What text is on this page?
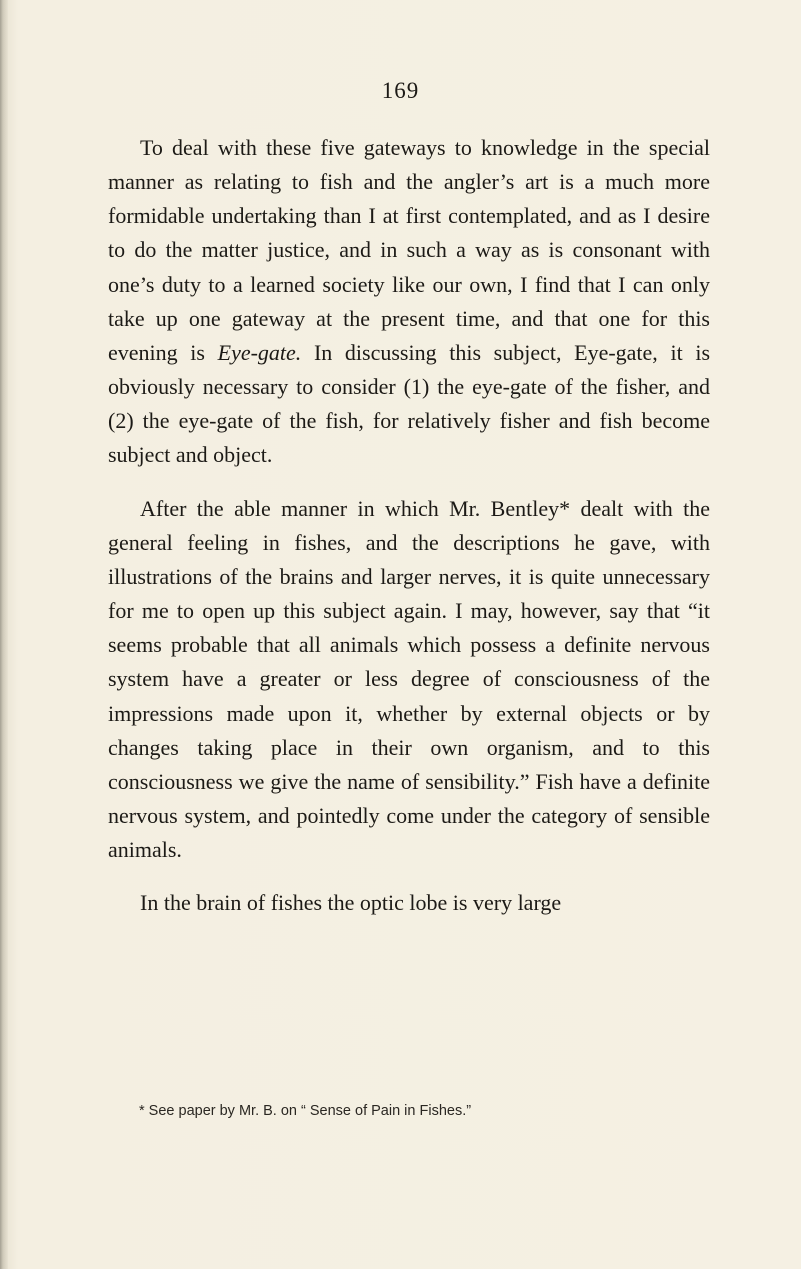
169

To deal with these five gateways to knowledge in the special manner as relating to fish and the angler’s art is a much more formidable undertaking than I at first contemplated, and as I desire to do the matter justice, and in such a way as is consonant with one’s duty to a learned society like our own, I find that I can only take up one gateway at the present time, and that one for this evening is Eye-gate. In discussing this subject, Eye-gate, it is obviously necessary to consider (1) the eye-gate of the fisher, and (2) the eye-gate of the fish, for relatively fisher and fish become subject and object.

After the able manner in which Mr. Bentley* dealt with the general feeling in fishes, and the descriptions he gave, with illustrations of the brains and larger nerves, it is quite unnecessary for me to open up this subject again. I may, however, say that “it seems probable that all animals which possess a definite nervous system have a greater or less degree of consciousness of the impressions made upon it, whether by external objects or by changes taking place in their own organism, and to this consciousness we give the name of sensibility.” Fish have a definite nervous system, and pointedly come under the category of sensible animals.

In the brain of fishes the optic lobe is very large

* See paper by Mr. B. on “ Sense of Pain in Fishes.”
